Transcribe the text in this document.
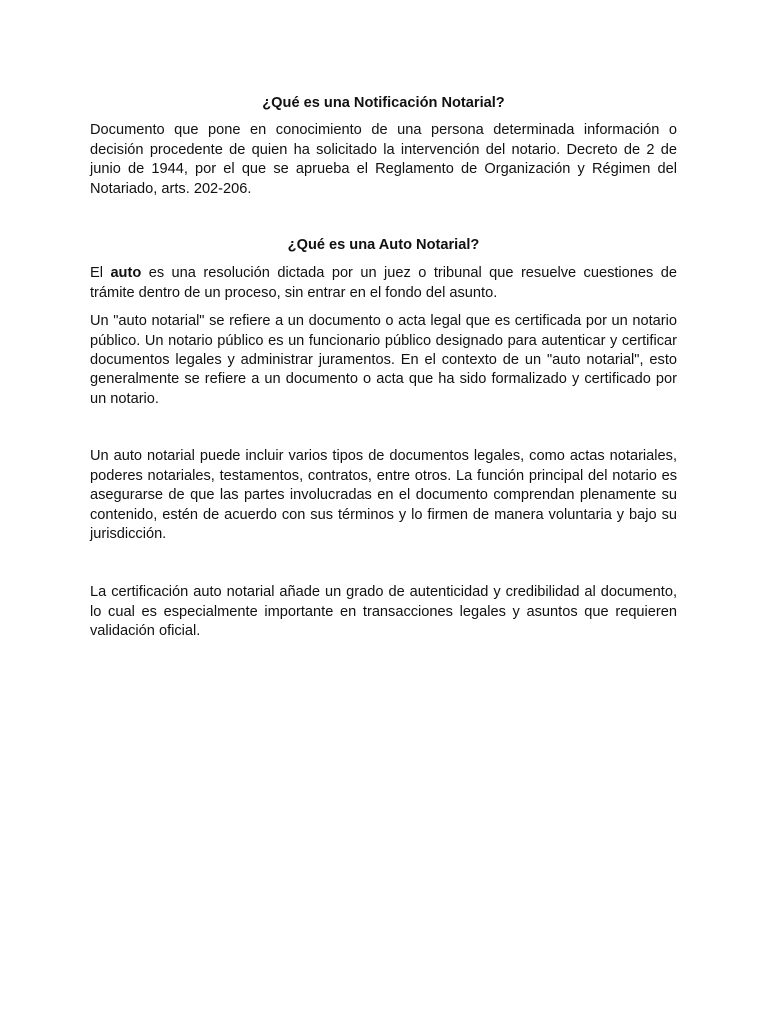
¿Qué es una Notificación Notarial?

Documento que pone en conocimiento de una persona determinada información o decisión procedente de quien ha solicitado la intervención del notario. Decreto de 2 de junio de 1944, por el que se aprueba el Reglamento de Organización y Régimen del Notariado, arts. 202-206.

¿Qué es una Auto Notarial?

El auto es una resolución dictada por un juez o tribunal que resuelve cuestiones de trámite dentro de un proceso, sin entrar en el fondo del asunto.

Un "auto notarial" se refiere a un documento o acta legal que es certificada por un notario público. Un notario público es un funcionario público designado para autenticar y certificar documentos legales y administrar juramentos. En el contexto de un "auto notarial", esto generalmente se refiere a un documento o acta que ha sido formalizado y certificado por un notario.

Un auto notarial puede incluir varios tipos de documentos legales, como actas notariales, poderes notariales, testamentos, contratos, entre otros. La función principal del notario es asegurarse de que las partes involucradas en el documento comprendan plenamente su contenido, estén de acuerdo con sus términos y lo firmen de manera voluntaria y bajo su jurisdicción.

La certificación auto notarial añade un grado de autenticidad y credibilidad al documento, lo cual es especialmente importante en transacciones legales y asuntos que requieren validación oficial.
